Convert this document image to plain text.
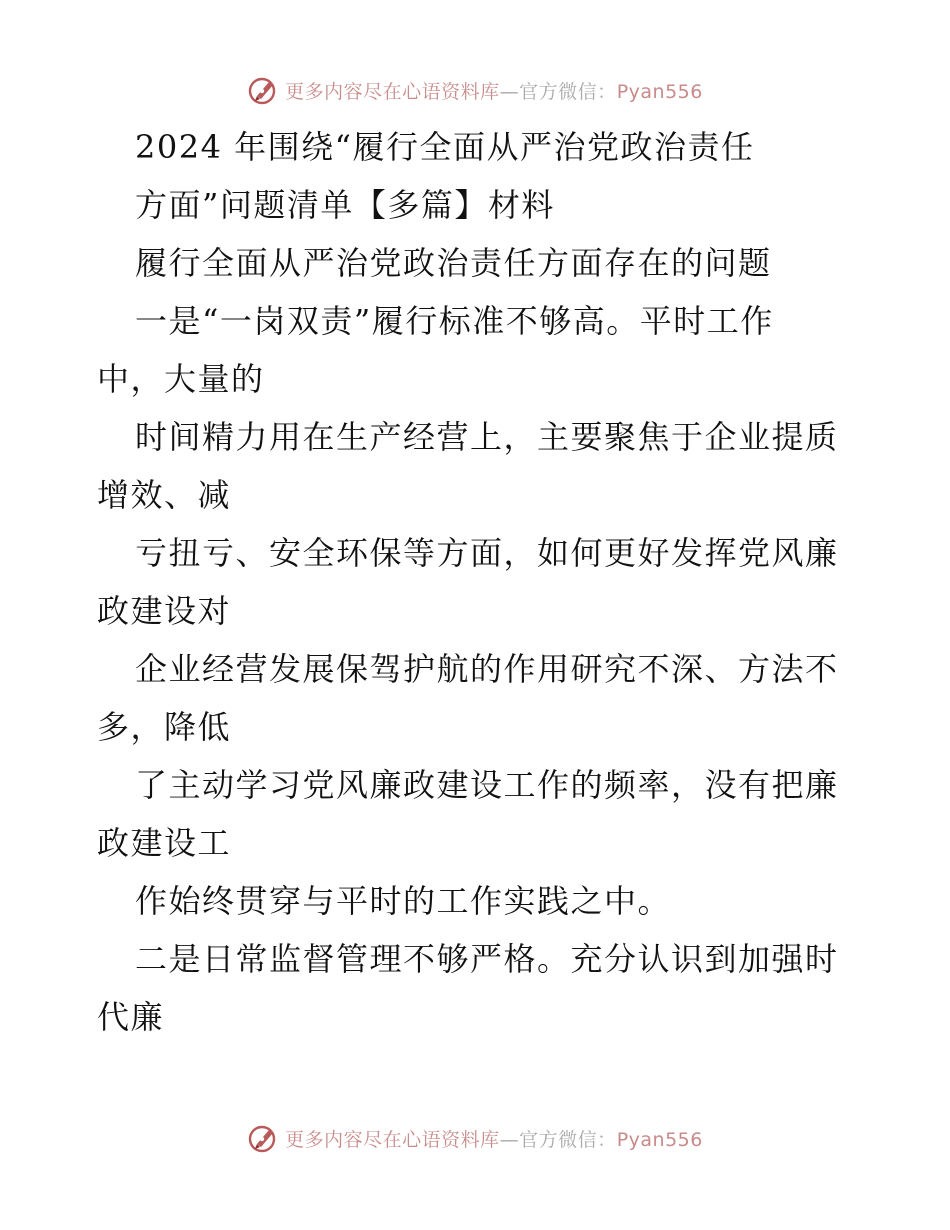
更多内容尽在心语资料库—官方微信：Pyan556
2024 年围绕“履行全面从严治党政治责任
方面”问题清单【多篇】材料
履行全面从严治党政治责任方面存在的问题
一是“一岗双责”履行标准不够高。平时工作
中，大量的
时间精力用在生产经营上，主要聚焦于企业提质
增效、减
亏扭亏、安全环保等方面，如何更好发挥党风廉
政建设对
企业经营发展保驾护航的作用研究不深、方法不
多，降低
了主动学习党风廉政建设工作的频率，没有把廉
政建设工
作始终贯穿与平时的工作实践之中。
二是日常监督管理不够严格。充分认识到加强时
代廉
更多内容尽在心语资料库—官方微信：Pyan556
